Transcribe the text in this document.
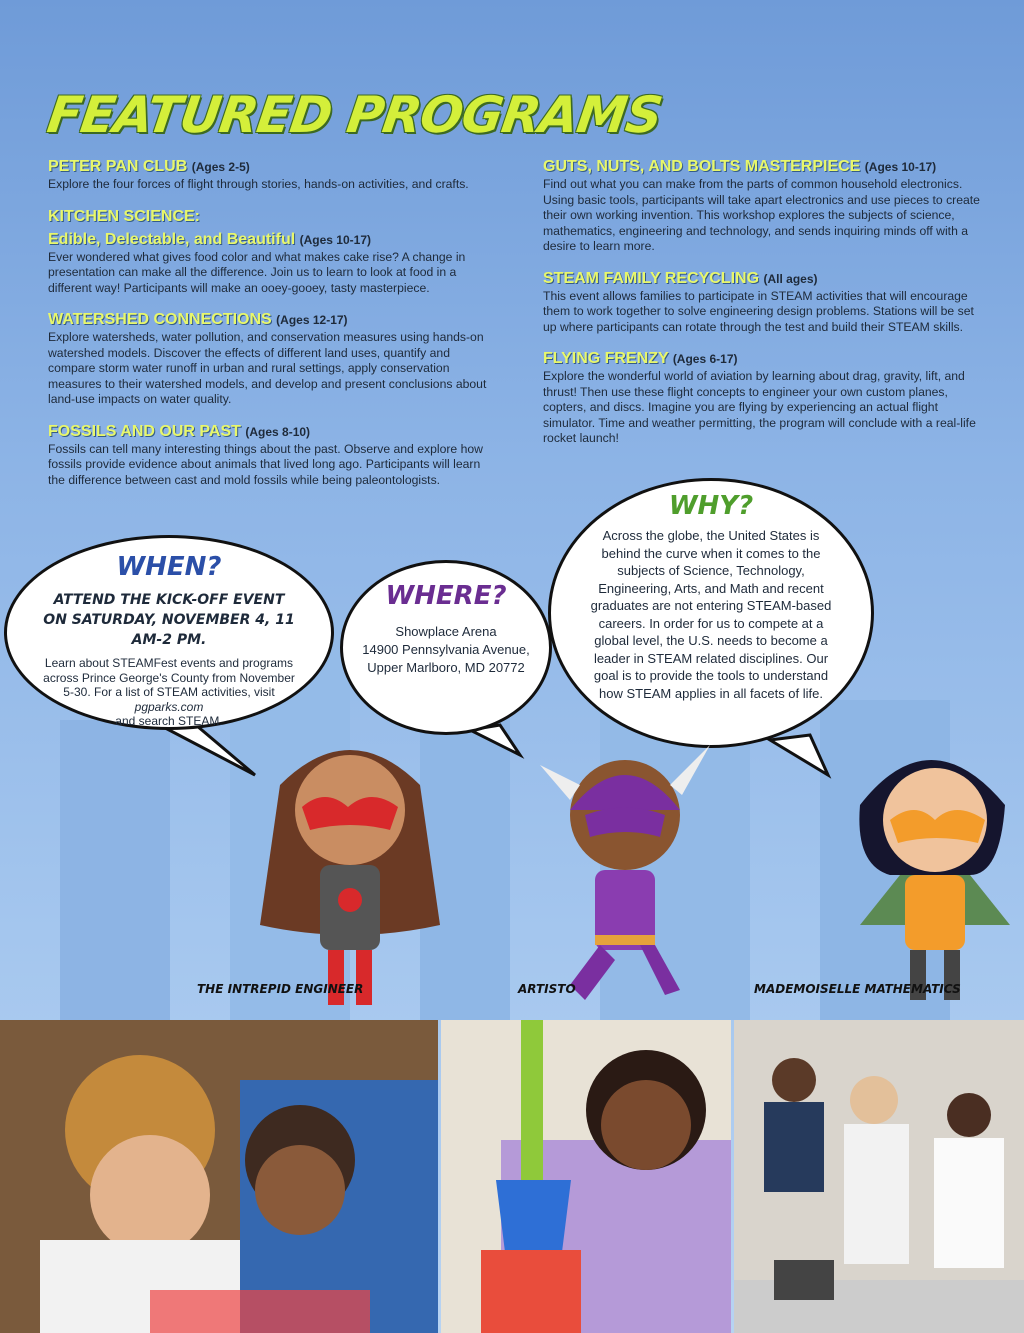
FEATURED PROGRAMS
PETER PAN CLUB (Ages 2-5)

Explore the four forces of flight through stories, hands-on activities, and crafts.

KITCHEN SCIENCE:
Edible, Delectable, and Beautiful (Ages 10-17)

Ever wondered what gives food color and what makes cake rise? A change in presentation can make all the difference. Join us to learn to look at food in a different way! Participants will make an ooey-gooey, tasty masterpiece.

WATERSHED CONNECTIONS (Ages 12-17)

Explore watersheds, water pollution, and conservation measures using hands-on watershed models. Discover the effects of different land uses, quantify and compare storm water runoff in urban and rural settings, apply conservation measures to their watershed models, and develop and present conclusions about land-use impacts on water quality.

FOSSILS AND OUR PAST (Ages 8-10)

Fossils can tell many interesting things about the past. Observe and explore how fossils provide evidence about animals that lived long ago. Participants will learn the difference between cast and mold fossils while being paleontologists.

GUTS, NUTS, AND BOLTS MASTERPIECE (Ages 10-17)

Find out what you can make from the parts of common household electronics. Using basic tools, participants will take apart electronics and use pieces to create their own working invention. This workshop explores the subjects of science, mathematics, engineering and technology, and sends inquiring minds off with a desire to learn more.

STEAM FAMILY RECYCLING (All ages)

This event allows families to participate in STEAM activities that will encourage them to work together to solve engineering design problems. Stations will be set up where participants can rotate through the test and build their STEAM skills.

FLYING FRENZY (Ages 6-17)

Explore the wonderful world of aviation by learning about drag, gravity, lift, and thrust! Then use these flight concepts to engineer your own custom planes, copters, and discs. Imagine you are flying by experiencing an actual flight simulator. Time and weather permitting, the program will conclude with a real-life rocket launch!

WHEN?
ATTEND THE KICK-OFF EVENT
ON SATURDAY, NOVEMBER 4, 11 AM-2 PM.

Learn about STEAMFest events and programs across Prince George's County from November 5-30. For a list of STEAM activities, visit pgparks.com
and search STEAM.

WHERE?

Showplace Arena

14900 Pennsylvania Avenue,

Upper Marlboro, MD 20772

WHY?

Across the globe, the United States is behind the curve when it comes to the subjects of Science, Technology, Engineering, Arts, and Math and recent graduates are not entering STEAM-based careers. In order for us to compete at a global level, the U.S. needs to become a leader in STEAM related disciplines. Our goal is to provide the tools to understand how STEAM applies in all facets of life.

THE INTREPID ENGINEER	ARTISTO	MADEMOISELLE MATHEMATICS
